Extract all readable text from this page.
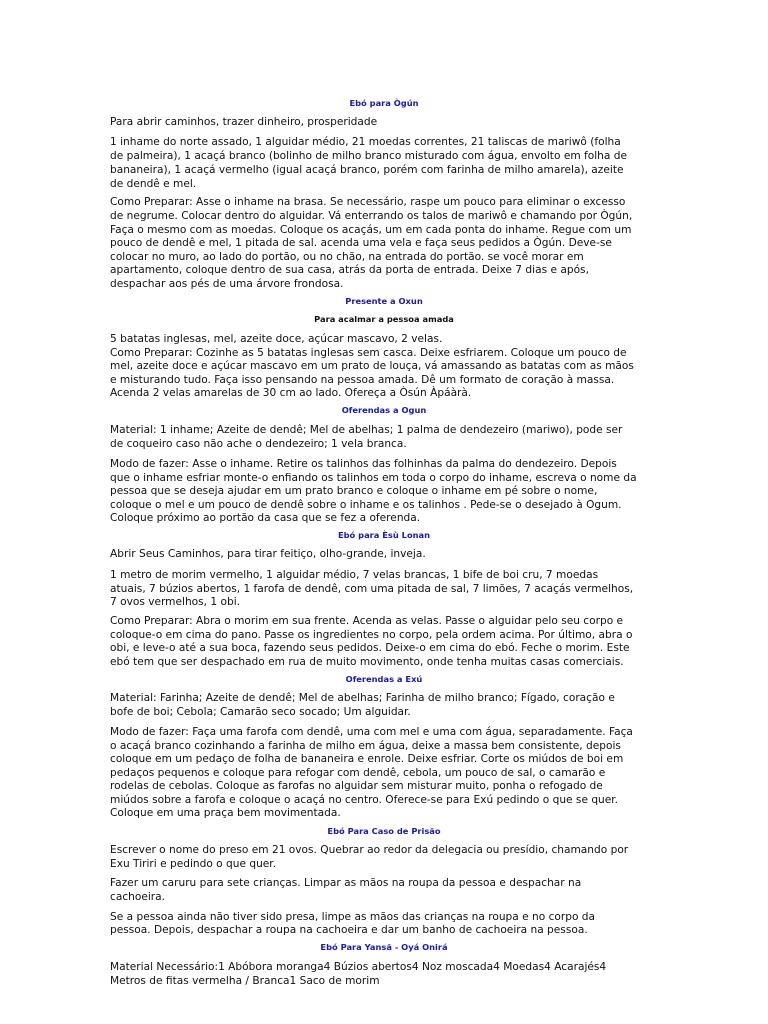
Ebó para Ògún

Para abrir caminhos, trazer dinheiro, prosperidade

1 inhame do norte assado, 1 alguidar médio, 21 moedas correntes, 21 taliscas de mariwô (folha

de palmeira), 1 acaçá branco (bolinho de milho branco misturado com água, envolto em folha de

bananeira), 1 acaçá vermelho (igual acaçá branco, porém com farinha de milho amarela), azeite

de dendê e mel.

Como Preparar: Asse o inhame na brasa. Se necessário, raspe um pouco para eliminar o excesso

de negrume. Colocar dentro do alguidar. Vá enterrando os talos de mariwô e chamando por Ògún,

Faça o mesmo com as moedas. Coloque os acaçás, um em cada ponta do inhame. Regue com um

pouco de dendê e mel, 1 pitada de sal. acenda uma vela e faça seus pedidos a Ògún. Deve-se

colocar no muro, ao lado do portão, ou no chão, na entrada do portão. se você morar em

apartamento, coloque dentro de sua casa, atrás da porta de entrada. Deixe 7 dias e após,

despachar aos pés de uma árvore frondosa.

Presente a Oxun
Para acalmar a pessoa amada

5 batatas inglesas, mel, azeite doce, açúcar mascavo, 2 velas.

Como Preparar: Cozinhe as 5 batatas inglesas sem casca. Deixe esfriarem. Coloque um pouco de

mel, azeite doce e açúcar mascavo em um prato de louça, vá amassando as batatas com as mãos

e misturando tudo. Faça isso pensando na pessoa amada. Dê um formato de coração à massa.

Acenda 2 velas amarelas de 30 cm ao lado. Ofereça a Òsún Àpáàrà.

Oferendas a Ogun

Material: 1 inhame; Azeite de dendê; Mel de abelhas; 1 palma de dendezeiro (mariwo), pode ser

de coqueiro caso não ache o dendezeiro; 1 vela branca.

Modo de fazer: Asse o inhame. Retire os talinhos das folhinhas da palma do dendezeiro. Depois

que o inhame esfriar monte-o enfiando os talinhos em toda o corpo do inhame, escreva o nome da

pessoa que se deseja ajudar em um prato branco e coloque o inhame em pé sobre o nome,

coloque o mel e um pouco de dendê sobre o inhame e os talinhos . Pede-se o desejado à Ogum.

Coloque próximo ao portão da casa que se fez a oferenda.

Ebó para Èsù Lonan

Abrir Seus Caminhos, para tirar feitiço, olho-grande, inveja.

1 metro de morim vermelho, 1 alguidar médio, 7 velas brancas, 1 bife de boi cru, 7 moedas

atuais, 7 búzios abertos, 1 farofa de dendê, com uma pitada de sal, 7 limões, 7 acaçás vermelhos,

7 ovos vermelhos, 1 obi.

Como Preparar: Abra o morim em sua frente. Acenda as velas. Passe o alguidar pelo seu corpo e

coloque-o em cima do pano. Passe os ingredientes no corpo, pela ordem acima. Por último, abra o

obi, e leve-o até a sua boca, fazendo seus pedidos. Deixe-o em cima do ebó. Feche o morim. Este

ebó tem que ser despachado em rua de muito movimento, onde tenha muitas casas comerciais.

Oferendas a Exú

Material: Farinha; Azeite de dendê; Mel de abelhas; Farinha de milho branco; Fígado, coração e

bofe de boi; Cebola; Camarão seco socado; Um alguidar.

Modo de fazer: Faça uma farofa com dendê, uma com mel e uma com água, separadamente. Faça

o acaçá branco cozinhando a farinha de milho em água, deixe a massa bem consistente, depois

coloque em um pedaço de folha de bananeira e enrole. Deixe esfriar. Corte os miúdos de boi em

pedaços pequenos e coloque para refogar com dendê, cebola, um pouco de sal, o camarão e

rodelas de cebolas. Coloque as farofas no alguidar sem misturar muito, ponha o refogado de

miúdos sobre a farofa e coloque o acaçá no centro. Oferece-se para Exú pedindo o que se quer.

Coloque em uma praça bem movimentada.

Ebó Para Caso de Prisão

Escrever o nome do preso em 21 ovos. Quebrar ao redor da delegacia ou presídio, chamando por

Exu Tiriri e pedindo o que quer.

Fazer um caruru para sete crianças. Limpar as mãos na roupa da pessoa e despachar na

cachoeira.

Se a pessoa ainda não tiver sido presa, limpe as mãos das crianças na roupa e no corpo da

pessoa. Depois, despachar a roupa na cachoeira e dar um banho de cachoeira na pessoa.

Ebó Para Yansã - Oyá Onirá

Material Necessário:1 Abóbora moranga4 Búzios abertos4 Noz moscada4 Moedas4 Acarajés4

Metros de fitas vermelha / Branca1 Saco de morim
